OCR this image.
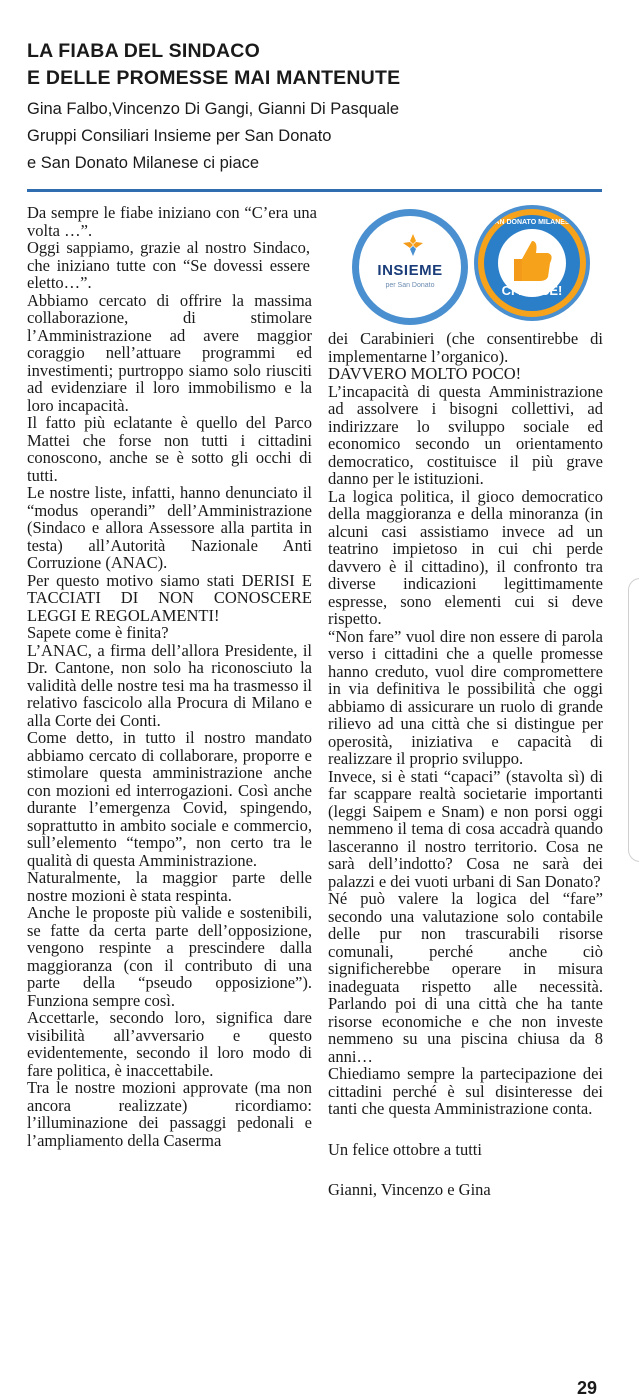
LA FIABA DEL SINDACO

E DELLE PROMESSE MAI MANTENUTE

Gina Falbo,Vincenzo Di Gangi, Gianni Di Pasquale

Gruppi Consiliari Insieme per San Donato

e San Donato Milanese ci piace

INSIEME
per San Donato
SAN DONATO MILANESE
CI PIACE!

Da sempre le fiabe iniziano con “C’era una volta …”.

Oggi sappiamo, grazie al nostro Sindaco, che iniziano tutte con “Se dovessi essere eletto…”.

Abbiamo cercato di offrire la massima collaborazione, di stimolare l’Amministrazione ad avere maggior coraggio nell’attuare programmi ed investimenti; purtroppo siamo solo riusciti ad evidenziare il loro immobilismo e la loro incapacità.

Il fatto più eclatante è quello del Parco Mattei che forse non tutti i cittadini conoscono, anche se è sotto gli occhi di tutti.

Le nostre liste, infatti, hanno denunciato il “modus operandi” dell’Amministrazione (Sindaco e allora Assessore alla partita in testa) all’Autorità Nazionale Anti Corruzione (ANAC).

Per questo motivo siamo stati DERISI E TACCIATI DI NON CONOSCERE LEGGI E REGOLAMENTI!

Sapete come è finita?

L’ANAC, a firma dell’allora Presidente, il Dr. Cantone, non solo ha riconosciuto la validità delle nostre tesi ma ha trasmesso il relativo fascicolo alla Procura di Milano e alla Corte dei Conti.

Come detto, in tutto il nostro mandato abbiamo cercato di collaborare, proporre e stimolare questa amministrazione anche con mozioni ed interrogazioni. Così anche durante l’emergenza Covid, spingendo, soprattutto in ambito sociale e commercio, sull’elemento “tempo”, non certo tra le qualità di questa Amministrazione.

Naturalmente, la maggior parte delle nostre mozioni è stata respinta.

Anche le proposte più valide e sostenibili, se fatte da certa parte dell’opposizione, vengono respinte a prescindere dalla maggioranza (con il contributo di una parte della “pseudo opposizione”). Funziona sempre così.

Accettarle, secondo loro, significa dare visibilità all’avversario e questo evidentemente, secondo il loro modo di fare politica, è inaccettabile.

Tra le nostre mozioni approvate (ma non ancora realizzate) ricordiamo: l’illuminazione dei passaggi pedonali e l’ampliamento della Caserma

dei Carabinieri (che consentirebbe di implementarne l’organico).

DAVVERO MOLTO POCO!

L’incapacità di questa Amministrazione ad assolvere i bisogni collettivi, ad indirizzare lo sviluppo sociale ed economico secondo un orientamento democratico, costituisce il più grave danno per le istituzioni.

La logica politica, il gioco democratico della maggioranza e della minoranza (in alcuni casi assistiamo invece ad un teatrino impietoso in cui chi perde davvero è il cittadino), il confronto tra diverse indicazioni legittimamente espresse, sono elementi cui si deve rispetto.

“Non fare” vuol dire non essere di parola verso i cittadini che a quelle promesse hanno creduto, vuol dire compromettere in via definitiva le possibilità che oggi abbiamo di assicurare un ruolo di grande rilievo ad una città che si distingue per operosità, iniziativa e capacità di realizzare il proprio sviluppo.

Invece, si è stati “capaci” (stavolta sì) di far scappare realtà societarie importanti (leggi Saipem e Snam) e non porsi oggi nemmeno il tema di cosa accadrà quando lasceranno il nostro territorio. Cosa ne sarà dell’indotto? Cosa ne sarà dei palazzi e dei vuoti urbani di San Donato?

Né può valere la logica del “fare” secondo una valutazione solo contabile delle pur non trascurabili risorse comunali, perché anche ciò significherebbe operare in misura inadeguata rispetto alle necessità. Parlando poi di una città che ha tante risorse economiche e che non investe nemmeno su una piscina chiusa da 8 anni…

Chiediamo sempre la partecipazione dei cittadini perché è sul disinteresse dei tanti che questa Amministrazione conta.

Un felice ottobre a tutti

Gianni, Vincenzo e Gina

29
